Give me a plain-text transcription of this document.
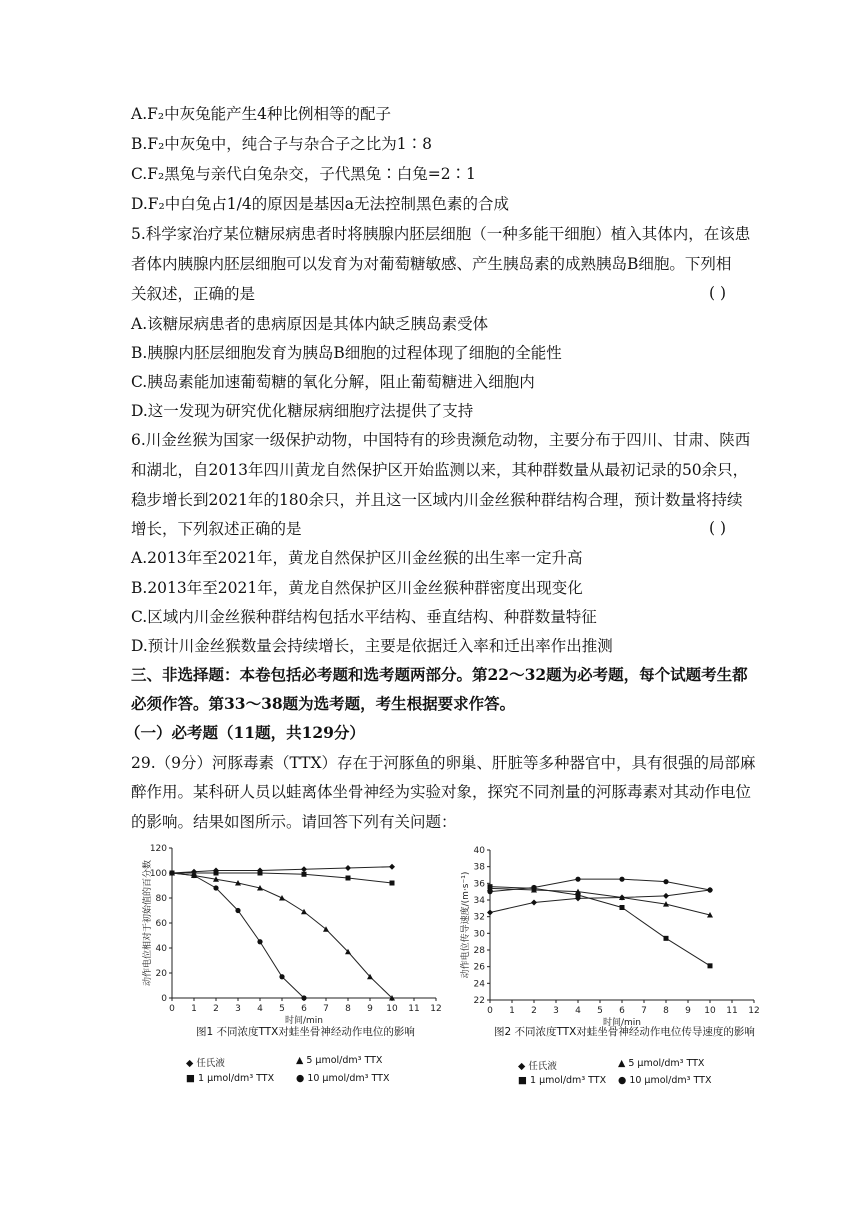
A.F₂中灰兔能产生4种比例相等的配子
B.F₂中灰兔中，纯合子与杂合子之比为1∶8
C.F₂黑兔与亲代白兔杂交，子代黑兔∶白兔=2∶1
D.F₂中白兔占1/4的原因是基因a无法控制黑色素的合成
5.科学家治疗某位糖尿病患者时将胰腺内胚层细胞（一种多能干细胞）植入其体内，在该患
者体内胰腺内胚层细胞可以发育为对葡萄糖敏感、产生胰岛素的成熟胰岛B细胞。下列相
关叙述，正确的是	( )
A.该糖尿病患者的患病原因是其体内缺乏胰岛素受体
B.胰腺内胚层细胞发育为胰岛B细胞的过程体现了细胞的全能性
C.胰岛素能加速葡萄糖的氧化分解，阻止葡萄糖进入细胞内
D.这一发现为研究优化糖尿病细胞疗法提供了支持
6.川金丝猴为国家一级保护动物，中国特有的珍贵濒危动物，主要分布于四川、甘肃、陕西
和湖北，自2013年四川黄龙自然保护区开始监测以来，其种群数量从最初记录的50余只，
稳步增长到2021年的180余只，并且这一区域内川金丝猴种群结构合理，预计数量将持续
增长，下列叙述正确的是	( )
A.2013年至2021年，黄龙自然保护区川金丝猴的出生率一定升高
B.2013年至2021年，黄龙自然保护区川金丝猴种群密度出现变化
C.区域内川金丝猴种群结构包括水平结构、垂直结构、种群数量特征
D.预计川金丝猴数量会持续增长，主要是依据迁入率和迁出率作出推测
三、非选择题：本卷包括必考题和选考题两部分。第22～32题为必考题，每个试题考生都
必须作答。第33～38题为选考题，考生根据要求作答。
（一）必考题（11题，共129分）
29.（9分）河豚毒素（TTX）存在于河豚鱼的卵巢、肝脏等多种器官中，具有很强的局部麻
醉作用。某科研人员以蛙离体坐骨神经为实验对象，探究不同剂量的河豚毒素对其动作电位
的影响。结果如图所示。请回答下列有关问题：
0 1 2 3 4 5 6 7 8 9 10 11 12
0
20
40
60
80
100
120
时间/min
动作电位相对于初始值的百分数
图1 不同浓度TTX对蛙坐骨神经动作电位的影响
◆ 任氏液	▲ 5 μmol/dm³ TTX
■ 1 μmol/dm³ TTX ● 10 μmol/dm³ TTX
0 1 2 3 4 5 6 7 8 9 10 11 12
22
24
26
28
30
32
34
36
38
40
时间/min
动作电位传导速度/(m·s⁻¹)
图2 不同浓度TTX对蛙坐骨神经动作电位传导速度的影响
◆ 任氏液	▲ 5 μmol/dm³ TTX
■ 1 μmol/dm³ TTX ● 10 μmol/dm³ TTX
